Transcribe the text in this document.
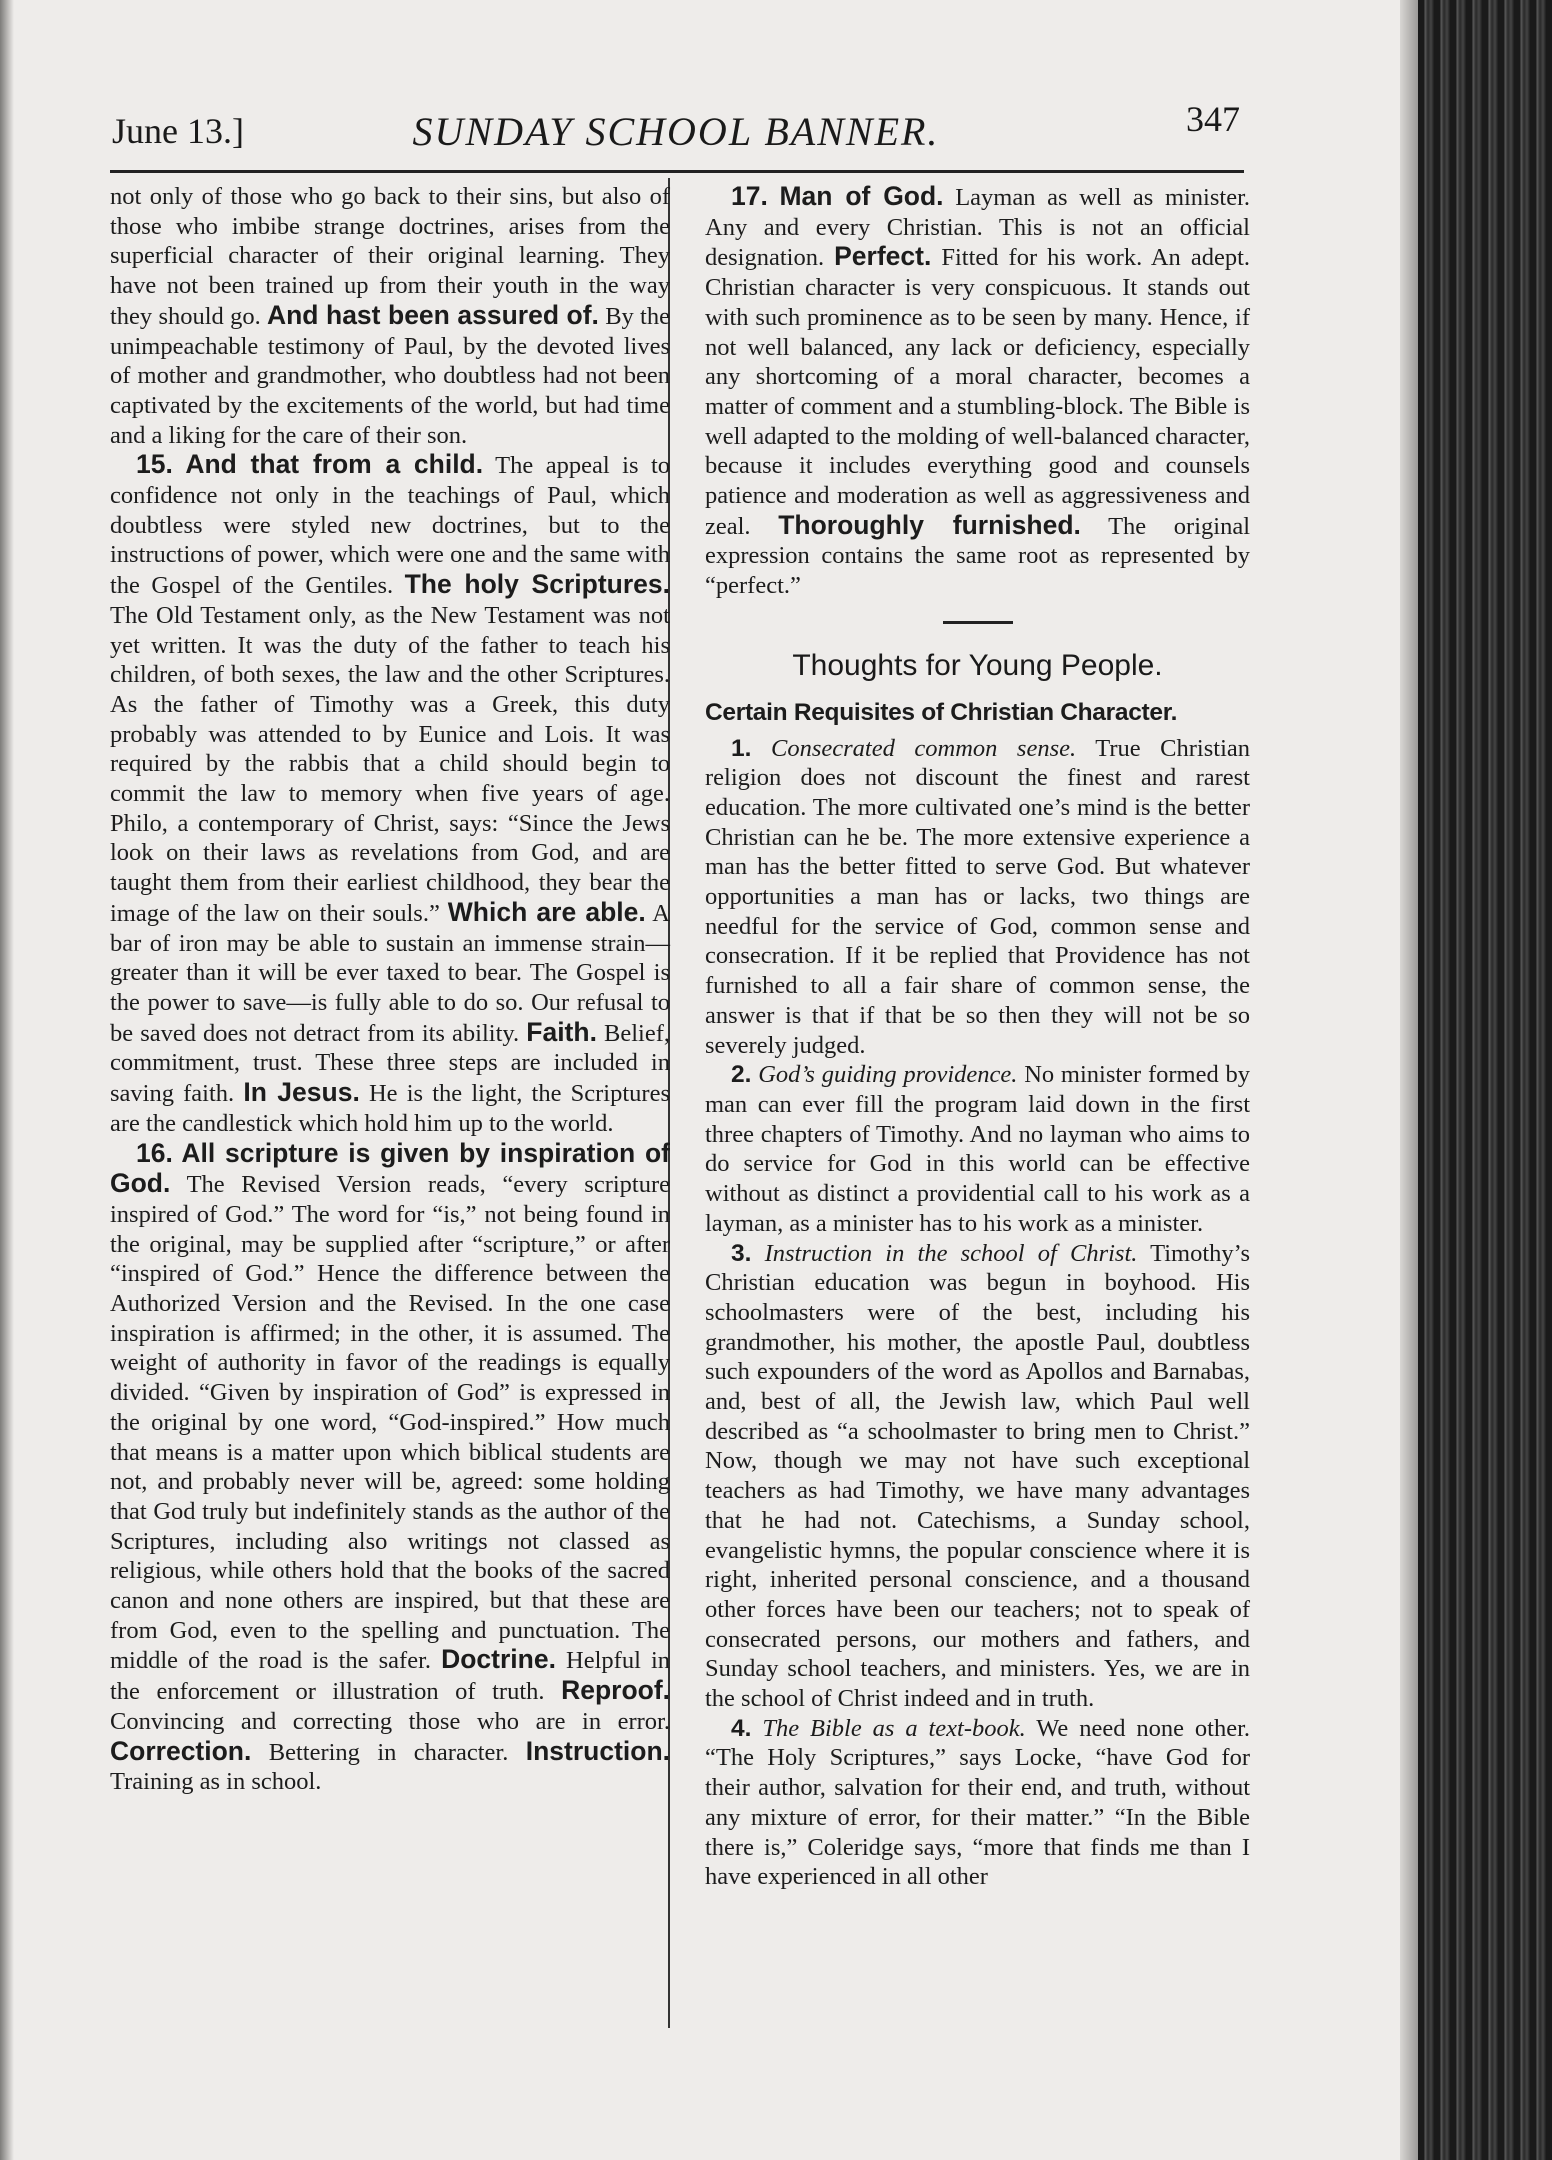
June 13.]	SUNDAY SCHOOL BANNER.	347

not only of those who go back to their sins, but also of those who imbibe strange doctrines, arises from the superficial character of their original learning. They have not been trained up from their youth in the way they should go. And hast been assured of. By the unimpeachable testimony of Paul, by the devoted lives of mother and grandmother, who doubtless had not been captivated by the excitements of the world, but had time and a liking for the care of their son.

15. And that from a child. The appeal is to confidence not only in the teachings of Paul, which doubtless were styled new doctrines, but to the instructions of power, which were one and the same with the Gospel of the Gentiles. The holy Scriptures. The Old Testament only, as the New Testament was not yet written. It was the duty of the father to teach his children, of both sexes, the law and the other Scriptures. As the father of Timothy was a Greek, this duty probably was attended to by Eunice and Lois. It was required by the rabbis that a child should begin to commit the law to memory when five years of age. Philo, a contemporary of Christ, says: “Since the Jews look on their laws as revelations from God, and are taught them from their earliest childhood, they bear the image of the law on their souls.” Which are able. A bar of iron may be able to sustain an immense strain—greater than it will be ever taxed to bear. The Gospel is the power to save—is fully able to do so. Our refusal to be saved does not detract from its ability. Faith. Belief, commitment, trust. These three steps are included in saving faith. In Jesus. He is the light, the Scriptures are the candlestick which hold him up to the world.

16. All scripture is given by inspiration of God. The Revised Version reads, “every scripture inspired of God.” The word for “is,” not being found in the original, may be supplied after “scripture,” or after “inspired of God.” Hence the difference between the Authorized Version and the Revised. In the one case inspiration is affirmed; in the other, it is assumed. The weight of authority in favor of the readings is equally divided. “Given by inspiration of God” is expressed in the original by one word, “God-inspired.” How much that means is a matter upon which biblical students are not, and probably never will be, agreed: some holding that God truly but indefinitely stands as the author of the Scriptures, including also writings not classed as religious, while others hold that the books of the sacred canon and none others are inspired, but that these are from God, even to the spelling and punctuation. The middle of the road is the safer. Doctrine. Helpful in the enforcement or illustration of truth. Reproof. Convincing and correcting those who are in error. Correction. Bettering in character. Instruction. Training as in school.

17. Man of God. Layman as well as minister. Any and every Christian. This is not an official designation. Perfect. Fitted for his work. An adept. Christian character is very conspicuous. It stands out with such prominence as to be seen by many. Hence, if not well balanced, any lack or deficiency, especially any shortcoming of a moral character, becomes a matter of comment and a stumbling-block. The Bible is well adapted to the molding of well-balanced character, because it includes everything good and counsels patience and moderation as well as aggressiveness and zeal. Thoroughly furnished. The original expression contains the same root as represented by “perfect.”

Thoughts for Young People.
Certain Requisites of Christian Character.

1. Consecrated common sense. True Christian religion does not discount the finest and rarest education. The more cultivated one’s mind is the better Christian can he be. The more extensive experience a man has the better fitted to serve God. But whatever opportunities a man has or lacks, two things are needful for the service of God, common sense and consecration. If it be replied that Providence has not furnished to all a fair share of common sense, the answer is that if that be so then they will not be so severely judged.

2. God’s guiding providence. No minister formed by man can ever fill the program laid down in the first three chapters of Timothy. And no layman who aims to do service for God in this world can be effective without as distinct a providential call to his work as a layman, as a minister has to his work as a minister.

3. Instruction in the school of Christ. Timothy’s Christian education was begun in boyhood. His schoolmasters were of the best, including his grandmother, his mother, the apostle Paul, doubtless such expounders of the word as Apollos and Barnabas, and, best of all, the Jewish law, which Paul well described as “a schoolmaster to bring men to Christ.” Now, though we may not have such exceptional teachers as had Timothy, we have many advantages that he had not. Catechisms, a Sunday school, evangelistic hymns, the popular conscience where it is right, inherited personal conscience, and a thousand other forces have been our teachers; not to speak of consecrated persons, our mothers and fathers, and Sunday school teachers, and ministers. Yes, we are in the school of Christ indeed and in truth.

4. The Bible as a text-book. We need none other. “The Holy Scriptures,” says Locke, “have God for their author, salvation for their end, and truth, without any mixture of error, for their matter.” “In the Bible there is,” Coleridge says, “more that finds me than I have experienced in all other
